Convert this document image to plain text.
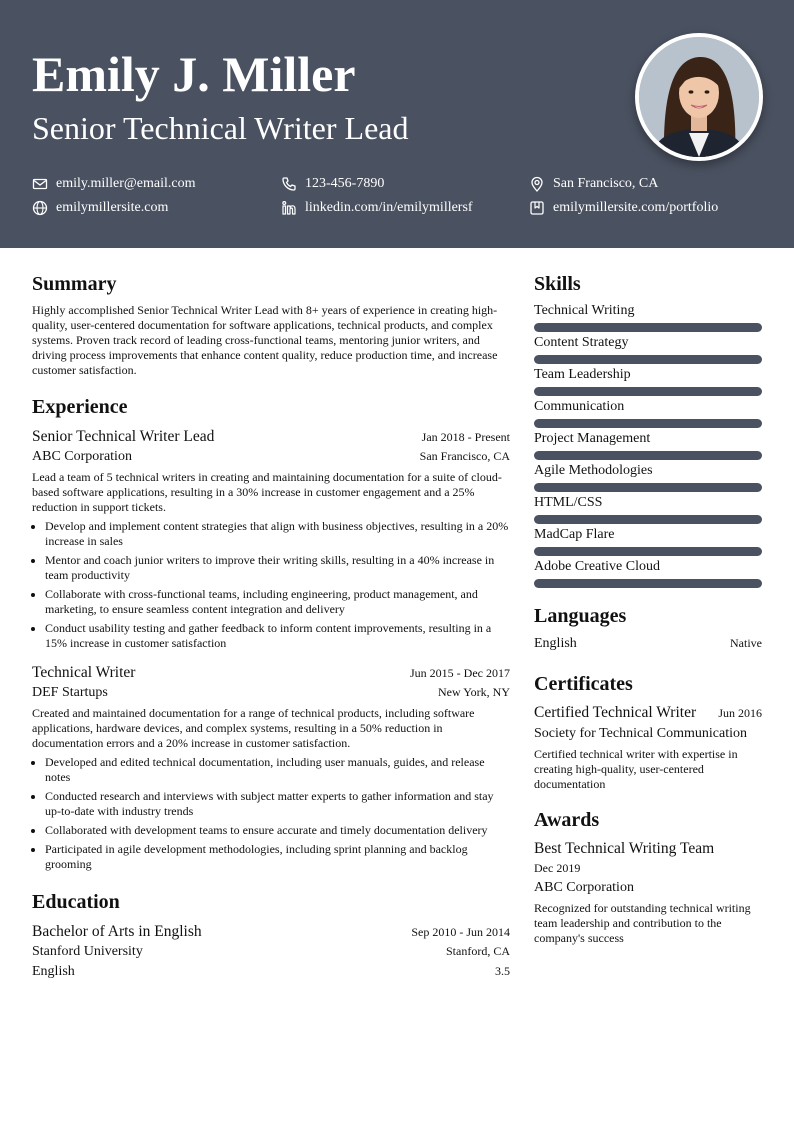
Emily J. Miller
Senior Technical Writer Lead
emily.miller@email.com	123-456-7890	San Francisco, CA
emilymillersite.com	linkedin.com/in/emilymillersf	emilymillersite.com/portfolio
Summary

Highly accomplished Senior Technical Writer Lead with 8+ years of experience in creating high-quality, user-centered documentation for software applications, technical products, and complex systems. Proven track record of leading cross-functional teams, mentoring junior writers, and driving process improvements that enhance content quality, reduce production time, and increase customer satisfaction.

Experience
Senior Technical Writer Lead	Jan 2018 - Present
ABC Corporation	San Francisco, CA

Lead a team of 5 technical writers in creating and maintaining documentation for a suite of cloud-based software applications, resulting in a 30% increase in customer engagement and a 25% reduction in support tickets.

• Develop and implement content strategies that align with business objectives, resulting in a 20% increase in sales
• Mentor and coach junior writers to improve their writing skills, resulting in a 40% increase in team productivity
• Collaborate with cross-functional teams, including engineering, product management, and marketing, to ensure seamless content integration and delivery
• Conduct usability testing and gather feedback to inform content improvements, resulting in a 15% increase in customer satisfaction
Technical Writer	Jun 2015 - Dec 2017
DEF Startups	New York, NY

Created and maintained documentation for a range of technical products, including software applications, hardware devices, and complex systems, resulting in a 50% reduction in documentation errors and a 20% increase in customer satisfaction.

• Developed and edited technical documentation, including user manuals, guides, and release notes
• Conducted research and interviews with subject matter experts to gather information and stay up-to-date with industry trends
• Collaborated with development teams to ensure accurate and timely documentation delivery
• Participated in agile development methodologies, including sprint planning and backlog grooming
Education
Bachelor of Arts in English	Sep 2010 - Jun 2014
Stanford University	Stanford, CA
English	3.5
Skills
Technical Writing
Content Strategy
Team Leadership
Communication
Project Management
Agile Methodologies
HTML/CSS
MadCap Flare
Adobe Creative Cloud
Languages
English	Native
Certificates
Certified Technical Writer Jun 2016
Society for Technical Communication

Certified technical writer with expertise in creating high-quality, user-centered documentation

Awards
Best Technical Writing Team
Dec 2019
ABC Corporation

Recognized for outstanding technical writing team leadership and contribution to the company's success
